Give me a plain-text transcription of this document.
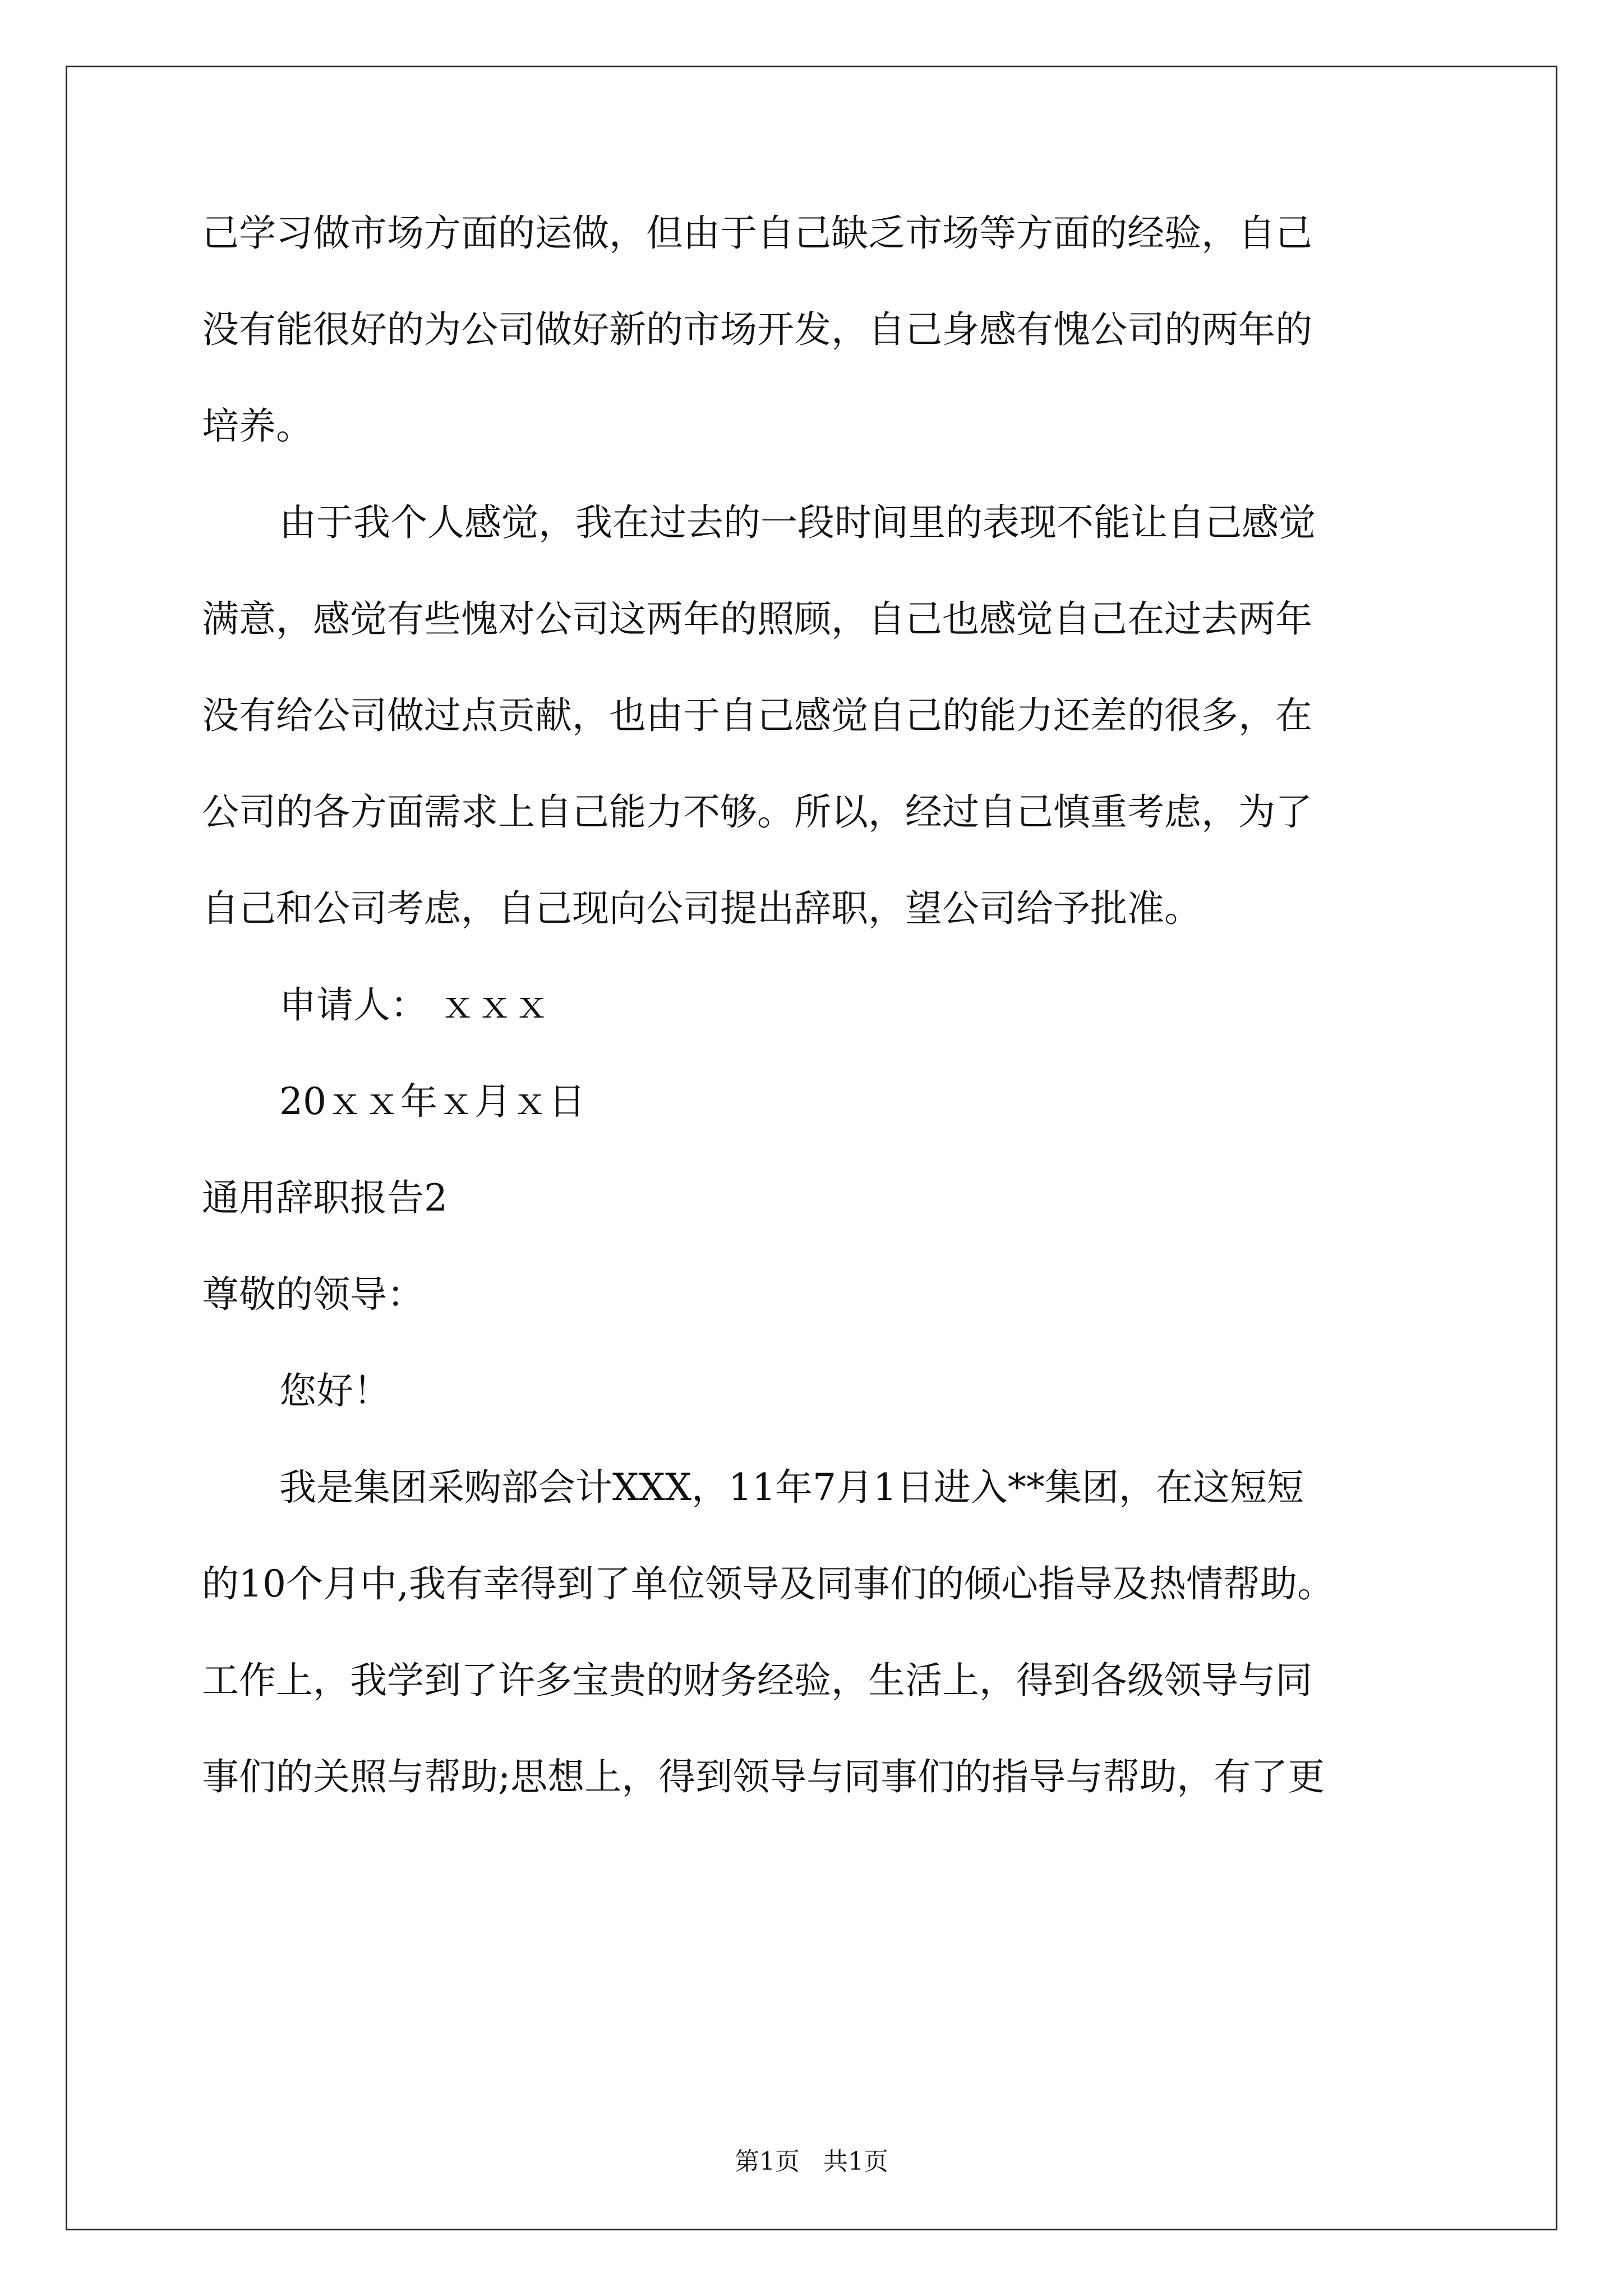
己学习做市场方面的运做，但由于自己缺乏市场等方面的经验，自己
没有能很好的为公司做好新的市场开发，自己身感有愧公司的两年的
培养。
由于我个人感觉，我在过去的一段时间里的表现不能让自己感觉
满意，感觉有些愧对公司这两年的照顾，自己也感觉自己在过去两年
没有给公司做过点贡献，也由于自己感觉自己的能力还差的很多，在
公司的各方面需求上自己能力不够。所以，经过自己慎重考虑，为了
自己和公司考虑，自己现向公司提出辞职，望公司给予批准。
申请人： ｘｘｘ
20ｘｘ年ｘ月ｘ日
通用辞职报告2
尊敬的领导：
您好！
我是集团采购部会计XXX，11年7月1日进入**集团，在这短短
的10个月中,我有幸得到了单位领导及同事们的倾心指导及热情帮助。
工作上，我学到了许多宝贵的财务经验，生活上，得到各级领导与同
事们的关照与帮助;思想上，得到领导与同事们的指导与帮助，有了更
第1页   共1页
